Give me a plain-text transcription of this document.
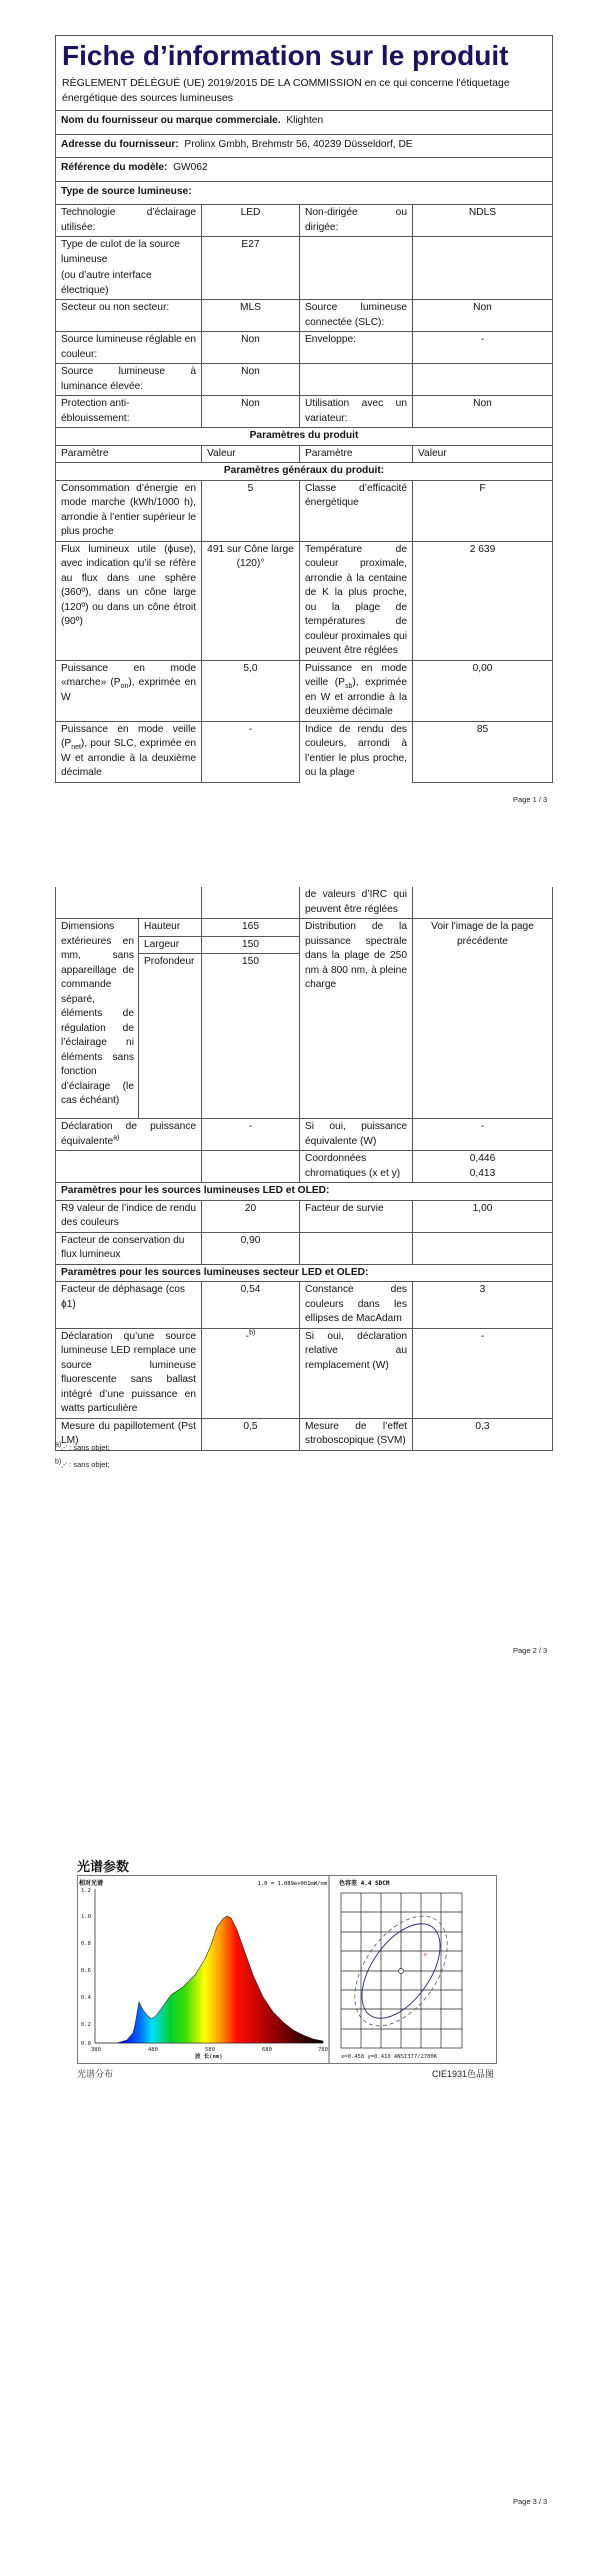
Fiche d’information sur le produit
RÈGLEMENT DÉLÉGUÉ (UE) 2019/2015 DE LA COMMISSION en ce qui concerne l'étiquetage énergétique des sources lumineuses			

Nom du fournisseur ou marque commerciale. Klighten			
Adresse du fournisseur: Prolinx Gmbh, Brehmstr 56, 40239 Düsseldorf, DE			
Référence du modèle: GW062			
Type de source lumineuse:			
Technologie d’éclairage utilisée:	LED	Non-dirigée ou dirigée:	NDLS

Type de culot de la source lumineuse
(ou d’autre interface électrique)	E27		
Secteur ou non secteur:	MLS	Source lumineuse connectée (SLC):	Non
Source lumineuse réglable en couleur:	Non	Enveloppe:	-
Source lumineuse à luminance élevée:	Non		
Protection anti-éblouissement:	Non	Utilisation avec un variateur:	Non
Paramètres du produit			
Paramètre	Valeur	Paramètre	Valeur
Paramètres généraux du produit:			
Consommation d’énergie en mode marche (kWh/1000 h), arrondie à l’entier supérieur le plus proche	5	Classe d’efficacité énergétique	F
Flux lumineux utile (ϕuse), avec indication qu’il se réfère au flux dans une sphère (360º), dans un cône large (120º) ou dans un cône étroit (90º)	491 sur Cône large (120)°	Température de couleur proximale, arrondie à la centaine de K la plus proche, ou la plage de températures de couleur proximales qui peuvent être réglées	2 639
Puissance en mode «marche» $(P_{on})$, exprimée en W	5,0	Puissance en mode veille $(P_{sb})$, exprimée en W et arrondie à la deuxième décimale	0,00
Puissance en mode veille $(P_{net})$, pour SLC, exprimée en W et arrondie à la deuxième décimale	-	Indice de rendu des couleurs, arrondi à l’entier le plus proche, ou la plage	85
Page 1 / 3
			de valeurs d’IRC qui peuvent être réglées	
Dimensions extérieures en mm, sans appareillage de commande séparé, éléments de régulation de l’éclairage ni éléments sans fonction d’éclairage (le cas échéant)	Hauteur	165	Distribution de la puissance spectrale dans la plage de 250 nm à 800 nm, à pleine charge	Voir l'image de la page précédente
	Largeur	150		
	Profondeur	150		
Déclaration de puissance équivalente$^{a)}$		-	Si oui, puissance équivalente (W)	-
			Coordonnées chromatiques (x et y)	0,446
0,413

Paramètres pour les sources lumineuses LED et OLED:				
R9 valeur de l’indice de rendu des couleurs		20	Facteur de survie	1,00
Facteur de conservation du flux lumineux		0,90		
Paramètres pour les sources lumineuses secteur LED et OLED:				
Facteur de déphasage (cos ϕ1)		0,54	Constance des couleurs dans les ellipses de MacAdam	3
Déclaration qu’une source lumineuse LED remplace une source lumineuse fluorescente sans ballast intégré d’une puissance en watts particulière		-$^{b)}$	Si oui, déclaration relative au remplacement (W)	-
Mesure du papillotement (Pst LM)		0,5	Mesure de l’effet stroboscopique (SVM)	0,3
$^{a)}$‚-‘ : sans objet;
$^{b)}$‚-‘ : sans objet;
Page 2 / 3
光谱参数
相对光谱	1.0 = 1.089e+001mW/nm
1.2
1.0
0.8
0.6
0.4
0.2
0.0
380	480	580	680	780
波 长(nm)
色容差 4.4 SDCM
+
x=0.458 y=0.410 ANSI377/2700K
光谱分布	CIE1931色品图
Page 3 / 3
